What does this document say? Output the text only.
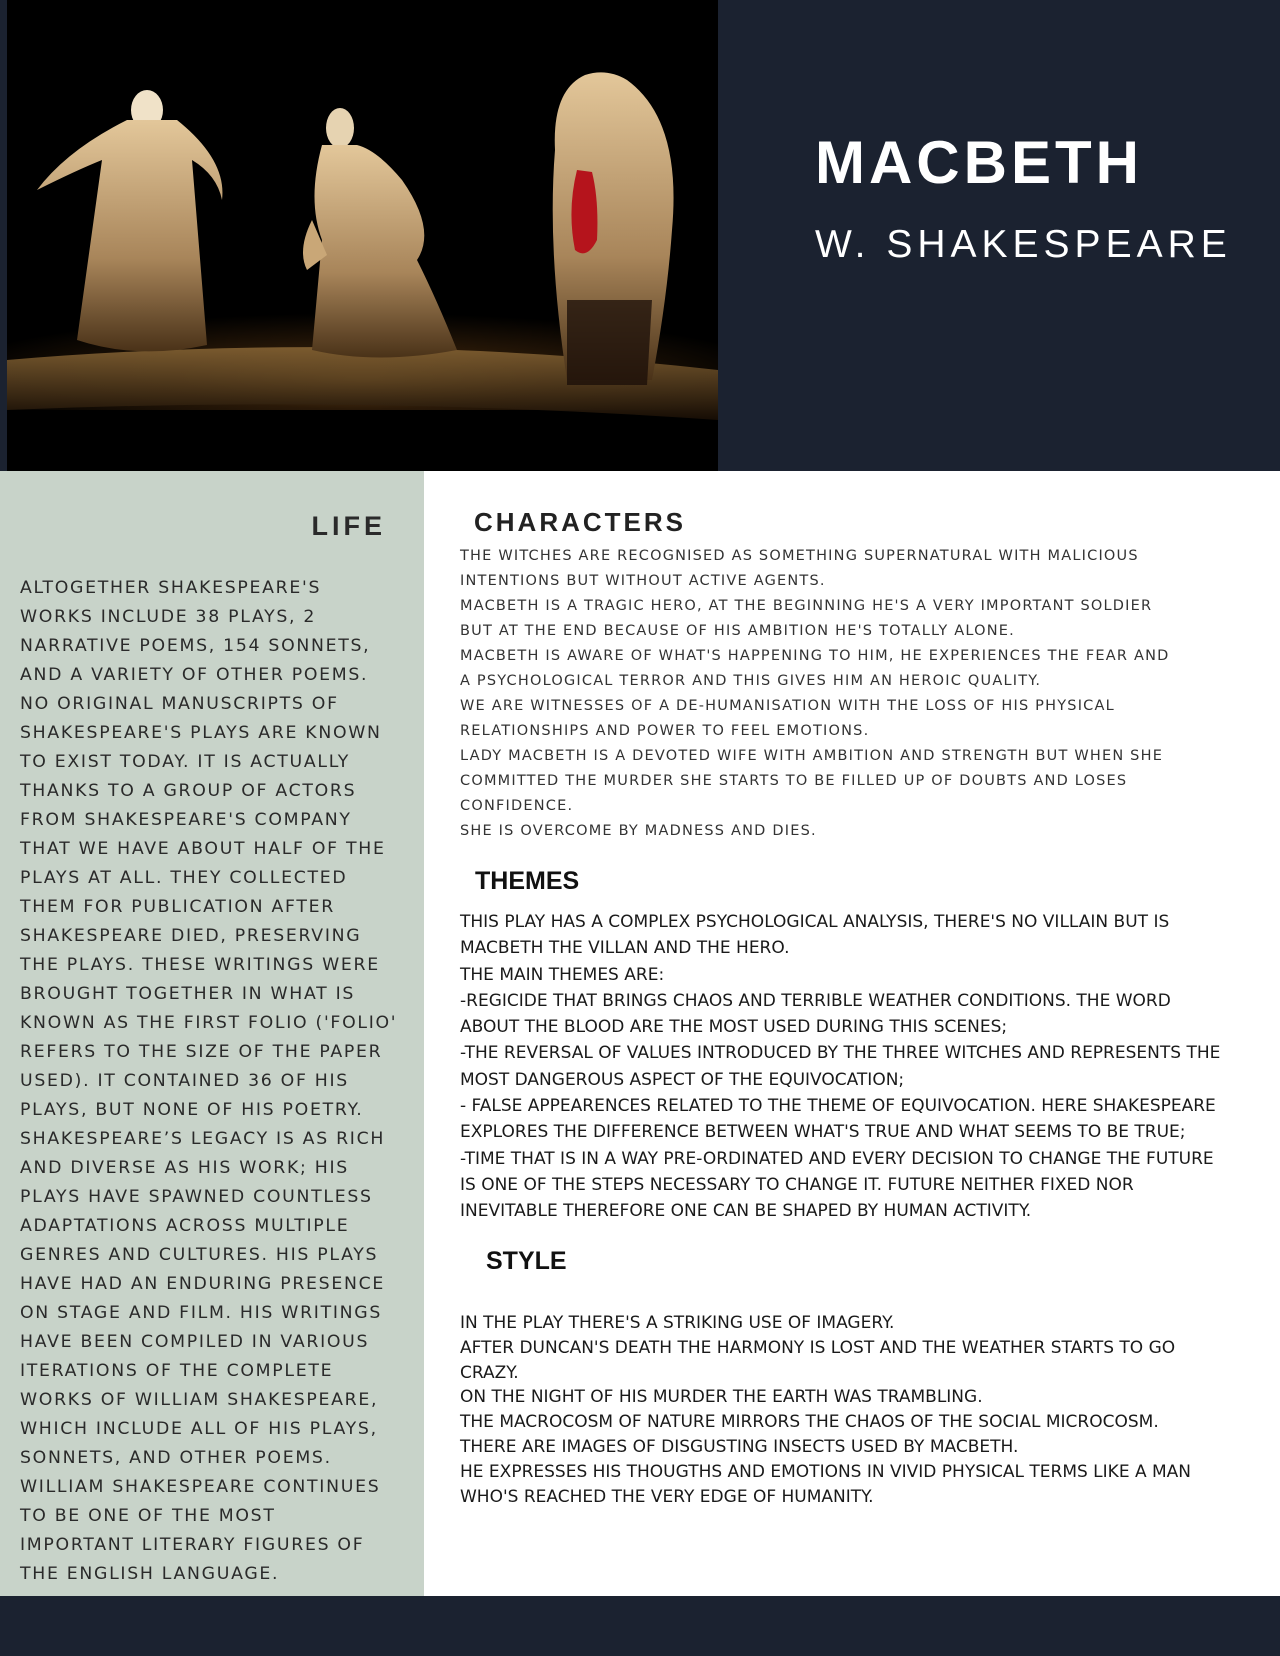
MACBETH
W. SHAKESPEARE
LIFE
ALTOGETHER SHAKESPEARE'S
WORKS INCLUDE 38 PLAYS, 2
NARRATIVE POEMS, 154 SONNETS,
AND A VARIETY OF OTHER POEMS.
NO ORIGINAL MANUSCRIPTS OF
SHAKESPEARE'S PLAYS ARE KNOWN
TO EXIST TODAY. IT IS ACTUALLY
THANKS TO A GROUP OF ACTORS
FROM SHAKESPEARE'S COMPANY
THAT WE HAVE ABOUT HALF OF THE
PLAYS AT ALL. THEY COLLECTED
THEM FOR PUBLICATION AFTER
SHAKESPEARE DIED, PRESERVING
THE PLAYS. THESE WRITINGS WERE
BROUGHT TOGETHER IN WHAT IS
KNOWN AS THE FIRST FOLIO ('FOLIO'
REFERS TO THE SIZE OF THE PAPER
USED). IT CONTAINED 36 OF HIS
PLAYS, BUT NONE OF HIS POETRY.
SHAKESPEARE’S LEGACY IS AS RICH
AND DIVERSE AS HIS WORK; HIS
PLAYS HAVE SPAWNED COUNTLESS
ADAPTATIONS ACROSS MULTIPLE
GENRES AND CULTURES. HIS PLAYS
HAVE HAD AN ENDURING PRESENCE
ON STAGE AND FILM. HIS WRITINGS
HAVE BEEN COMPILED IN VARIOUS
ITERATIONS OF THE COMPLETE
WORKS OF WILLIAM SHAKESPEARE,
WHICH INCLUDE ALL OF HIS PLAYS,
SONNETS, AND OTHER POEMS.
WILLIAM SHAKESPEARE CONTINUES
TO BE ONE OF THE MOST
IMPORTANT LITERARY FIGURES OF
THE ENGLISH LANGUAGE.
CHARACTERS
THE WITCHES ARE RECOGNISED AS SOMETHING SUPERNATURAL WITH MALICIOUS
INTENTIONS BUT WITHOUT ACTIVE AGENTS.
MACBETH IS A TRAGIC HERO, AT THE BEGINNING HE'S A VERY IMPORTANT SOLDIER
BUT AT THE END BECAUSE OF HIS AMBITION HE'S TOTALLY ALONE.
MACBETH IS AWARE OF WHAT'S HAPPENING TO HIM, HE EXPERIENCES THE FEAR AND
A PSYCHOLOGICAL TERROR AND THIS GIVES HIM AN HEROIC QUALITY.
WE ARE WITNESSES OF A DE-HUMANISATION WITH THE LOSS OF HIS PHYSICAL
RELATIONSHIPS AND POWER TO FEEL EMOTIONS.
LADY MACBETH IS A DEVOTED WIFE WITH AMBITION AND STRENGTH BUT WHEN SHE
COMMITTED THE MURDER SHE STARTS TO BE FILLED UP OF DOUBTS AND LOSES
CONFIDENCE.
SHE IS OVERCOME BY MADNESS AND DIES.
THEMES
THIS PLAY HAS A COMPLEX PSYCHOLOGICAL ANALYSIS, THERE'S NO VILLAIN BUT IS
MACBETH THE VILLAN AND THE HERO.
THE MAIN THEMES ARE:
-REGICIDE THAT BRINGS CHAOS AND TERRIBLE WEATHER CONDITIONS. THE WORD
ABOUT THE BLOOD ARE THE MOST USED DURING THIS SCENES;
-THE REVERSAL OF VALUES INTRODUCED BY THE THREE WITCHES AND REPRESENTS THE
MOST DANGEROUS ASPECT OF THE EQUIVOCATION;
- FALSE APPEARENCES RELATED TO THE THEME OF EQUIVOCATION. HERE SHAKESPEARE
EXPLORES THE DIFFERENCE BETWEEN WHAT'S TRUE AND WHAT SEEMS TO BE TRUE;
-TIME THAT IS IN A WAY PRE-ORDINATED AND EVERY DECISION TO CHANGE THE FUTURE
IS ONE OF THE STEPS NECESSARY TO CHANGE IT. FUTURE NEITHER FIXED NOR
INEVITABLE THEREFORE ONE CAN BE SHAPED BY HUMAN ACTIVITY.
STYLE
IN THE PLAY THERE'S A STRIKING USE OF IMAGERY.
AFTER DUNCAN'S DEATH THE HARMONY IS LOST AND THE WEATHER STARTS TO GO
CRAZY.
ON THE NIGHT OF HIS MURDER THE EARTH WAS TRAMBLING.
THE MACROCOSM OF NATURE MIRRORS THE CHAOS OF THE SOCIAL MICROCOSM.
THERE ARE IMAGES OF DISGUSTING INSECTS USED BY MACBETH.
HE EXPRESSES HIS THOUGTHS AND EMOTIONS IN VIVID PHYSICAL TERMS LIKE A MAN
WHO'S REACHED THE VERY EDGE OF HUMANITY.
